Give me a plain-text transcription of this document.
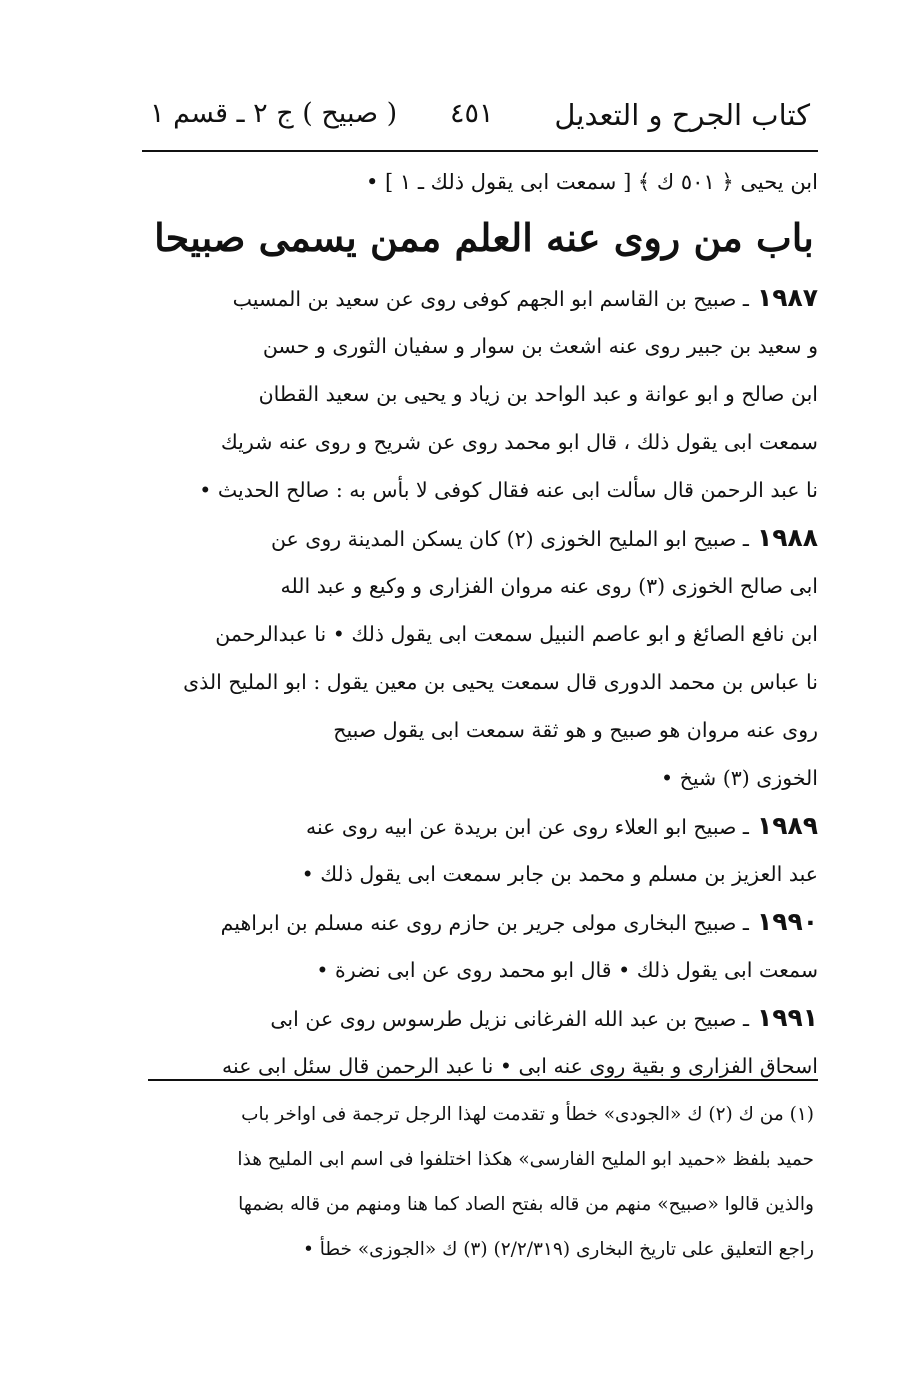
كتاب الجرح و التعديل
٤٥١
( صبيح ) ج ٢ ـ قسم ١
ابن يحيى ﴿ ٥٠١ ك ﴾ [ سمعت ابى يقول ذلك ـ ١ ] •
باب من روى عنه العلم ممن يسمى صبيحا
١٩٨٧ـ صبيح بن القاسم ابو الجهم كوفى روى عن سعيد بن المسيب
و سعيد بن جبير روى عنه اشعث بن سوار و سفيان الثورى و حسن
ابن صالح و ابو عوانة و عبد الواحد بن زياد و يحيى بن سعيد القطان
سمعت ابى يقول ذلك ، قال ابو محمد روى عن شريح و روى عنه شريك
نا عبد الرحمن قال سألت ابى عنه فقال كوفى لا بأس به : صالح الحديث •
١٩٨٨ـ صبيح ابو المليح الخوزى (٢) كان يسكن المدينة روى عن
ابى صالح الخوزى (٣) روى عنه مروان الفزارى و وكيع و عبد الله
ابن نافع الصائغ و ابو عاصم النبيل سمعت ابى يقول ذلك • نا عبدالرحمن
نا عباس بن محمد الدورى قال سمعت يحيى بن معين يقول : ابو المليح الذى
روى عنه مروان هو صبيح و هو ثقة سمعت ابى يقول صبيح
الخوزى (٣) شيخ •
١٩٨٩ـ صبيح ابو العلاء روى عن ابن بريدة عن ابيه روى عنه
عبد العزيز بن مسلم و محمد بن جابر سمعت ابى يقول ذلك •
١٩٩٠ـ صبيح البخارى مولى جرير بن حازم روى عنه مسلم بن ابراهيم
سمعت ابى يقول ذلك • قال ابو محمد روى عن ابى نضرة •
١٩٩١ـ صبيح بن عبد الله الفرغانى نزيل طرسوس روى عن ابى
اسحاق الفزارى و بقية روى عنه ابى • نا عبد الرحمن قال سئل ابى عنه
(١) من ك (٢) ك «الجودى» خطأ و تقدمت لهذا الرجل ترجمة فى اواخر باب
حميد بلفظ «حميد ابو المليح الفارسى» هكذا اختلفوا فى اسم ابى المليح هذا
والذين قالوا «صبيح» منهم من قاله بفتح الصاد كما هنا ومنهم من قاله بضمها
راجع التعليق على تاريخ البخارى (٢/٢/٣١٩) (٣) ك «الجوزى» خطأ •
